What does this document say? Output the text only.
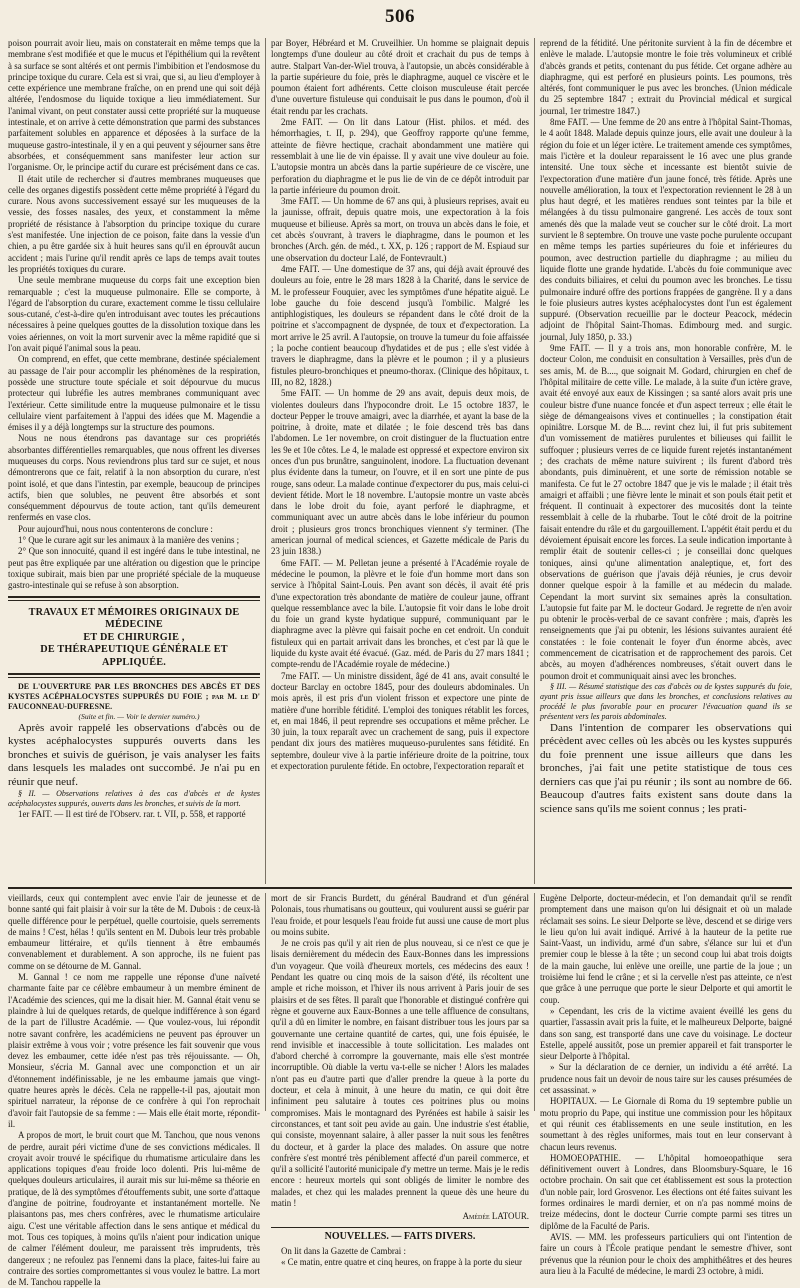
506

poison pourrait avoir lieu, mais on constaterait en même temps que la membrane s'est modifiée et que le mucus et l'épithélium qui la revêtent à sa surface se sont altérés et ont permis l'imbibition et l'endosmose du principe toxique du curare. Cela est si vrai, que si, au lieu d'employer à cette expérience une membrane fraîche, on en prend une qui soit déjà altérée, l'endosmose du liquide toxique a lieu immédiatement. Sur l'animal vivant, on peut constater aussi cette propriété sur la muqueuse intestinale, et on arrive à cette démonstration que parmi des substances parfaitement solubles en apparence et déposées à la surface de la muqueuse gastro-intestinale, il y en a qui peuvent y séjourner sans être absorbées, et conséquemment sans manifester leur action sur l'organisme. Or, le principe actif du curare est précisément dans ce cas.

Il était utile de rechercher si d'autres membranes muqueuses que celle des organes digestifs possèdent cette même propriété à l'égard du curare. Nous avons successivement essayé sur les muqueuses de la vessie, des fosses nasales, des yeux, et constamment la même propriété de résistance à l'absorption du principe toxique du curare s'est manifestée. Une injection de ce poison, faite dans la vessie d'un chien, a pu être gardée six à huit heures sans qu'il en éprouvât aucun accident ; mais l'urine qu'il rendit après ce laps de temps avait toutes les propriétés toxiques du curare.

Une seule membrane muqueuse du corps fait une exception bien remarquable ; c'est la muqueuse pulmonaire. Elle se comporte, à l'égard de l'absorption du curare, exactement comme le tissu cellulaire sous-cutané, c'est-à-dire qu'en introduisant avec toutes les précautions nécessaires à peine quelques gouttes de la dissolution toxique dans les voies aériennes, on voit la mort survenir avec la même rapidité que si l'on avait piqué l'animal sous la peau.

On comprend, en effet, que cette membrane, destinée spécialement au passage de l'air pour accomplir les phénomènes de la respiration, possède une structure toute spéciale et soit dépourvue du mucus protecteur qui lubréfie les autres membranes communiquant avec l'extérieur. Cette similitude entre la muqueuse pulmonaire et le tissu cellulaire vient parfaitement à l'appui des idées que M. Magendie a émises il y a déjà longtemps sur la structure des poumons.

Nous ne nous étendrons pas davantage sur ces propriétés absorbantes différentielles remarquables, que nous offrent les diverses muqueuses du corps. Nous reviendrons plus tard sur ce sujet, et nous démontrerons que ce fait, relatif à la non absorption du curare, n'est point isolé, et que dans l'intestin, par exemple, beaucoup de principes actifs, bien que solubles, ne peuvent être absorbés et sont conséquemment dépourvus de toute action, tant qu'ils demeurent renfermés en vase clos.

Pour aujourd'hui, nous nous contenterons de conclure :

1° Que le curare agit sur les animaux à la manière des venins ;

2° Que son innocuité, quand il est ingéré dans le tube intestinal, ne peut pas être expliquée par une altération ou digestion que le principe toxique subirait, mais bien par une propriété spéciale de la muqueuse gastro-intestinale qui se refuse à son absorption.

TRAVAUX ET MÉMOIRES ORIGINAUX DE MÉDECINE
ET DE CHIRURGIE ,
DE THÉRAPEUTIQUE GÉNÉRALE ET APPLIQUÉE.

DE L'OUVERTURE PAR LES BRONCHES DES ABCÈS ET DES KYSTES ACÉPHALOCYSTES SUPPURÉS DU FOIE ; par M. le D' FAUCONNEAU-DUFRESNE.

(Suite et fin. — Voir le dernier numéro.)

Après avoir rappelé les observations d'abcès ou de kystes acéphalocystes suppurés ouverts dans les bronches et suivis de guérison, je vais analyser les faits dans lesquels les malades ont succombé. Je n'ai pu en réunir que neuf.

§ II. — Observations relatives à des cas d'abcès et de kystes acéphalocystes suppurés, ouverts dans les bronches, et suivis de la mort.

1er FAIT. — Il est tiré de l'Observ. rar. t. VII, p. 558, et rapporté

par Boyer, Hébréard et M. Cruveilhier. Un homme se plaignait depuis longtemps d'une douleur au côté droit et crachait du pus de temps à autre. Stalpart Van-der-Wiel trouva, à l'autopsie, un abcès considérable à la partie supérieure du foie, près le diaphragme, auquel ce viscère et le poumon étaient fort adhérents. Cette cloison musculeuse était percée d'une ouverture fistuleuse qui conduisait le pus dans le poumon, d'où il était rendu par les crachats.

2me FAIT. — On lit dans Latour (Hist. philos. et méd. des hémorrhagies, t. II, p. 294), que Geoffroy rapporte qu'une femme, atteinte de fièvre hectique, crachait abondamment une matière qui ressemblait à une lie de vin épaisse. Il y avait une vive douleur au foie. L'autopsie montra un abcès dans la partie supérieure de ce viscère, une perforation du diaphragme et le pus lie de vin de ce dépôt introduit par la partie inférieure du poumon droit.

3me FAIT. — Un homme de 67 ans qui, à plusieurs reprises, avait eu la jaunisse, offrait, depuis quatre mois, une expectoration à la fois muqueuse et bilieuse. Après sa mort, on trouva un abcès dans le foie, et cet abcès s'ouvrant, à travers le diaphragme, dans le poumon et les bronches (Arch. gén. de méd., t. XX, p. 126 ; rapport de M. Espiaud sur une observation du docteur Lalé, de Fontevrault.)

4me FAIT. — Une domestique de 37 ans, qui déjà avait éprouvé des douleurs au foie, entre le 28 mars 1828 à la Charité, dans le service de M. le professeur Fouquier, avec les symptômes d'une hépatite aiguë. Le lobe gauche du foie descend jusqu'à l'ombilic. Malgré les antiphlogistiques, les douleurs se répandent dans le côté droit de la poitrine et s'accompagnent de dyspnée, de toux et d'expectoration. La mort arrive le 25 avril. A l'autopsie, on trouve la tumeur du foie affaissée ; la poche contient beaucoup d'hydatides et de pus ; elle s'est vidée à travers le diaphragme, dans la plèvre et le poumon ; il y a plusieurs fistules pleuro-bronchiques et pneumo-thorax. (Clinique des hôpitaux, t. III, no 82, 1828.)

5me FAIT. — Un homme de 29 ans avait, depuis deux mois, de violentes douleurs dans l'hypocondre droit. Le 15 octobre 1837, le docteur Pepper le trouve amaigri, avec la diarrhée, et ayant la base de la poitrine, à droite, mate et dilatée ; le foie descend très bas dans l'abdomen. Le 1er novembre, on croit distinguer de la fluctuation entre les 9e et 10e côtes. Le 4, le malade est oppressé et expectore environ six onces d'un pus brunâtre, sanguinolent, inodore. La fluctuation devenant plus évidente dans la tumeur, on l'ouvre, et il en sort une pinte de pus rouge, sans odeur. La malade continue d'expectorer du pus, mais celui-ci devient fétide. Mort le 18 novembre. L'autopsie montre un vaste abcès dans le lobe droit du foie, ayant perforé le diaphragme, et communiquant avec un autre abcès dans le lobe inférieur du poumon droit ; plusieurs gros troncs bronchiques viennent s'y terminer. (The american journal of medical sciences, et Gazette médicale de Paris du 23 juin 1838.)

6me FAIT. — M. Pelletan jeune a présenté à l'Académie royale de médecine le poumon, la plèvre et le foie d'un homme mort dans son service à l'hôpital Saint-Louis. Pen avant son décès, il avait été pris d'une expectoration très abondante de matière de couleur jaune, offrant quelque ressemblance avec la bile. L'autopsie fit voir dans le lobe droit du foie un grand kyste hydatique suppuré, communiquant par le diaphragme avec la plèvre qui faisait poche en cet endroit. Un conduit fistuleux qui en partait arrivait dans les bronches, et c'est par là que le liquide du kyste avait été évacué. (Gaz. méd. de Paris du 27 mars 1841 ; compte-rendu de l'Académie royale de médecine.)

7me FAIT. — Un ministre dissident, âgé de 41 ans, avait consulté le docteur Barclay en octobre 1845, pour des douleurs abdominales. Un mois après, il est pris d'un violent frisson et expectore une pinte de matière d'une horrible fétidité. L'emploi des toniques rétablit les forces, et, en mai 1846, il peut reprendre ses occupations et même prêcher. Le 30 juin, la toux reparaît avec un crachement de sang, puis il expectore pendant dix jours des matières muqueuso-purulentes sans fétidité. En septembre, douleur vive à la partie inférieure droite de la poitrine, toux et expectoration purulente fétide. En octobre, l'expectoration reparaît et

reprend de la fétidité. Une péritonite survient à la fin de décembre et enlève le malade. L'autopsie montre le foie très volumineux et criblé d'abcès grands et petits, contenant du pus fétide. Cet organe adhère au diaphragme, qui est perforé en plusieurs points. Les poumons, très altérés, font communiquer le pus avec les bronches. (Union médicale du 25 septembre 1847 ; extrait du Provincial médical et surgical journal, 1er trimestre 1847.)

8me FAIT. — Une femme de 20 ans entre à l'hôpital Saint-Thomas, le 4 août 1848. Malade depuis quinze jours, elle avait une douleur à la région du foie et un léger ictère. Le traitement amende ces symptômes, mais l'ictère et la douleur reparaissent le 16 avec une plus grande intensité. Une toux sèche et incessante est bientôt suivie de l'expectoration d'une matière d'un jaune foncé, très fétide. Après une nouvelle amélioration, la toux et l'expectoration reviennent le 28 à un plus haut degré, et les matières rendues sont teintes par la bile et mélangées à du tissu pulmonaire gangrené. Les accès de toux sont amenés dès que la malade veut se coucher sur le côté droit. La mort survient le 8 septembre. On trouve une vaste poche purulente occupant en même temps les parties supérieures du foie et inférieures du poumon, avec destruction partielle du diaphragme ; au milieu du liquide flotte une grande hydatide. L'abcès du foie communique avec des conduits biliaires, et celui du poumon avec les bronches. Le tissu pulmonaire induré offre des portions frappées de gangrène. Il y a dans le foie plusieurs autres kystes acéphalocystes dont l'un est également suppuré. (Observation recueillie par le docteur Peacock, médecin adjoint de l'hôpital Saint-Thomas. Edimbourg med. and surgic. journal, July 1850, p. 33.)

9me FAIT. — Il y a trois ans, mon honorable confrère, M. le docteur Colon, me conduisit en consultation à Versailles, près d'un de ses amis, M. de B...., que soignait M. Godard, chirurgien en chef de l'hôpital militaire de cette ville. Le malade, à la suite d'un ictère grave, avait été envoyé aux eaux de Kissingen ; sa santé alors avait pris une couleur bistre d'une nuance foncée et d'un aspect terreux ; elle était le siège de démangeaisons vives et continuelles ; la constipation était opiniâtre. Lorsque M. de B.... revint chez lui, il fut pris subitement d'un vomissement de matières purulentes et bilieuses qui faillit le suffoquer ; plusieurs verres de ce liquide furent rejetés instantanément ; des crachats de même nature suivirent ; ils furent d'abord très abondants, puis diminuèrent, et une sorte de rémission notable se manifesta. Ce fut le 27 octobre 1847 que je vis le malade ; il était très amaigri et affaibli ; une fièvre lente le minait et son pouls était petit et fréquent. Il continuait à expectorer des mucosités dont la teinte ressemblait à celle de la rhubarbe. Tout le côté droit de la poitrine faisait entendre du râle et du gargouillement. L'appétit était perdu et du dévoiement épuisait encore les forces. La seule indication importante à remplir était de soutenir celles-ci ; je conseillai donc quelques toniques, ainsi qu'une alimentation analeptique, et, fort des observations de guérison que j'avais déjà réunies, je crus devoir donner quelque espoir à la famille et au médecin du malade. Cependant la mort survint six semaines après la consultation. L'autopsie fut faite par M. le docteur Godard. Je regrette de n'en avoir pu obtenir le procès-verbal de ce savant confrère ; mais, d'après les renseignements que j'ai pu obtenir, les lésions suivantes auraient été constatées : le foie contenait le foyer d'un énorme abcès, avec commencement de cicatrisation et de rapprochement des parois. Cet abcès, au moyen d'adhérences nombreuses, s'était ouvert dans le poumon droit et communiquait ainsi avec les bronches.

§ III. — Résumé statistique des cas d'abcès ou de kystes suppurés du foie, ayant pris issue ailleurs que dans les bronches, et conclusions relatives au procédé le plus favorable pour en procurer l'évacuation quand ils se présentent vers les parois abdominales.

Dans l'intention de comparer les observations qui précèdent avec celles où les abcès ou les kystes suppurés du foie prennent une issue ailleurs que dans les bronches, j'ai fait une petite statistique de tous ces derniers cas que j'ai pu réunir ; ils sont au nombre de 66. Beaucoup d'autres faits existent sans doute dans la science sans qu'ils me soient connus ; les prati-

vieillards, ceux qui contemplent avec envie l'air de jeunesse et de bonne santé qui fait plaisir à voir sur la tête de M. Dubois : de ceux-là quelle différence pour le perpétuel, quelle courtoisie, quels serrements de mains ! C'est, hélas ! qu'ils sentent en M. Dubois leur très probable embaumeur littéraire, et qu'ils tiennent à être embaumés convenablement et durablement. A son approche, ils ne fuient pas comme on se détourne de M. Gannal.

M. Gannal ! ce nom me rappelle une réponse d'une naïveté charmante faite par ce célèbre embaumeur à un membre éminent de l'Académie des sciences, qui me la disait hier. M. Gannal était venu se plaindre à lui de quelques retards, de quelque indifférence à son égard de la part de l'illustre Académie. — Que voulez-vous, lui répondit notre savant confrère, les académiciens ne peuvent pas éprouver un plaisir extrême à vous voir ; votre présence les fait souvenir que vous devez les embaumer, cette idée n'est pas très réjouissante. — Oh, Monsieur, s'écria M. Gannal avec une componction et un air d'étonnement indéfinissable, je ne les embaume jamais que vingt-quatre heures après le décès. Cela ne rappelle-t-il pas, ajoutait mon spirituel narrateur, la réponse de ce confrère à qui l'on reprochait d'avoir fait l'autopsie de sa femme : — Mais elle était morte, répondit-il.

A propos de mort, le bruit court que M. Tanchou, que nous venons de perdre, aurait péri victime d'une de ses convictions médicales. Il croyait avoir trouvé le spécifique du rhumatisme articulaire dans les applications topiques d'eau froide loco dolenti. Pris lui-même de quelques douleurs articulaires, il aurait mis sur lui-même sa théorie en pratique, de là des symptômes d'étouffements subit, une sorte d'attaque d'angine de poitrine, foudroyante et instantanément mortelle. Ne plaisantons pas, mes chers confrères, avec le rhumatisme articulaire aigu. C'est une véritable affection dans le sens antique et médical du mot. Tous ces topiques, à moins qu'ils n'aient pour indication unique de calmer l'élément douleur, me paraissent très imprudents, très dangereux ; ne refoulez pas l'ennemi dans la place, faites-lui faire au contraire des sorties compromettantes si vous voulez le battre. La mort de M. Tanchou rappelle la

mort de sir Francis Burdett, du général Baudrand et d'un général Polonais, tous rhumatisans ou goutteux, qui voulurent aussi se guérir par l'eau froide, et pour lesquels l'eau froide fut aussi une cause de mort plus ou moins subite.

Je ne crois pas qu'il y ait rien de plus nouveau, si ce n'est ce que je lisais dernièrement du médecin des Eaux-Bonnes dans les impressions d'un voyageur. Que voilà d'heureux mortels, ces médecins des eaux ! Pendant les quatre ou cinq mois de la saison d'été, ils récoltent une ample et riche moisson, et l'hiver ils nous arrivent à Paris jouir de ses plaisirs et de ses fêtes. Il paraît que l'honorable et distingué confrère qui règne et gouverne aux Eaux-Bonnes a une telle affluence de consultans, qu'il a dû en limiter le nombre, en faisant distribuer tous les jours par sa gouvernante une certaine quantité de cartes, qui, une fois épuisée, le rend invisible et inaccessible à toute sollicitation. Les malades ont d'abord cherché à corrompre la gouvernante, mais elle s'est montrée incorruptible. Où diable la vertu va-t-elle se nicher ! Alors les malades n'ont pas eu d'autre parti que d'aller prendre la queue à la porte du docteur, et cela à minuit, à une heure du matin, ce qui doit être infiniment peu salutaire à toutes ces poitrines plus ou moins compromises. Mais le montagnard des Pyrénées est habile à saisir les circonstances, et tant soit peu avide au gain. Une industrie s'est établie, qui consiste, moyennant salaire, à aller passer la nuit sous les fenêtres du docteur, et à garder la place des malades. On assure que notre confrère s'est montré très péniblement affecté d'un pareil commerce, et qu'il a sollicité l'autorité municipale d'y mettre un terme. Mais je le redis encore : heureux mortels qui sont obligés de limiter le nombre des malades, et chez qui les malades prennent la queue dès une heure du matin !

Amédée LATOUR.
NOUVELLES. — FAITS DIVERS.

On lit dans la Gazette de Cambrai :

« Ce matin, entre quatre et cinq heures, on frappe à la porte du sieur

Eugène Delporte, docteur-médecin, et l'on demandait qu'il se rendît promptement dans une maison qu'on lui désignait et où un malade réclamait ses soins. Le sieur Delporte se lève, descend et se dirige vers le lieu qu'on lui avait indiqué. Arrivé à la hauteur de la petite rue Saint-Vaast, un individu, armé d'un sabre, s'élance sur lui et d'un premier coup le blesse à la tête ; un second coup lui abat trois doigts de la main gauche, lui enlève une oreille, une partie de la joue ; un troisième lui fend le crâne ; et si la cervelle n'est pas atteinte, ce n'est que grâce à une perruque que porte le sieur Delporte et qui amortit le coup.

» Cependant, les cris de la victime avaient éveillé les gens du quartier, l'assassin avait pris la fuite, et le malheureux Delporte, baigné dans son sang, est transporté dans une cave du voisinage. Le docteur Estelle, appelé aussitôt, pose un premier appareil et fait transporter le sieur Delporte à l'hôpital.

» Sur la déclaration de ce dernier, un individu a été arrêté. La prudence nous fait un devoir de nous taire sur les causes présumées de cet assassinat. »

HOPITAUX. — Le Giornale di Roma du 19 septembre publie un motu proprio du Pape, qui institue une commission pour les hôpitaux et qui réunit ces établissements en une seule institution, en les soumettant à des règles uniformes, mais tout en leur conservant à chacun leurs revenus.

HOMOEOPATHIE. — L'hôpital homoeopathique sera définitivement ouvert à Londres, dans Bloomsbury-Square, le 16 octobre prochain. On sait que cet établissement est sous la protection d'un noble pair, lord Grosvenor. Les élections ont été faites suivant les formes ordinaires le mardi dernier, et on n'a pas nommé moins de treize médecins, dont le docteur Currie compte parmi ses titres un diplôme de la Faculté de Paris.

AVIS. — MM. les professeurs particuliers qui ont l'intention de faire un cours à l'École pratique pendant le semestre d'hiver, sont prévenus que la réunion pour le choix des amphithéâtres et des heures aura lieu à la Faculté de médecine, le mardi 23 octobre, à midi.
